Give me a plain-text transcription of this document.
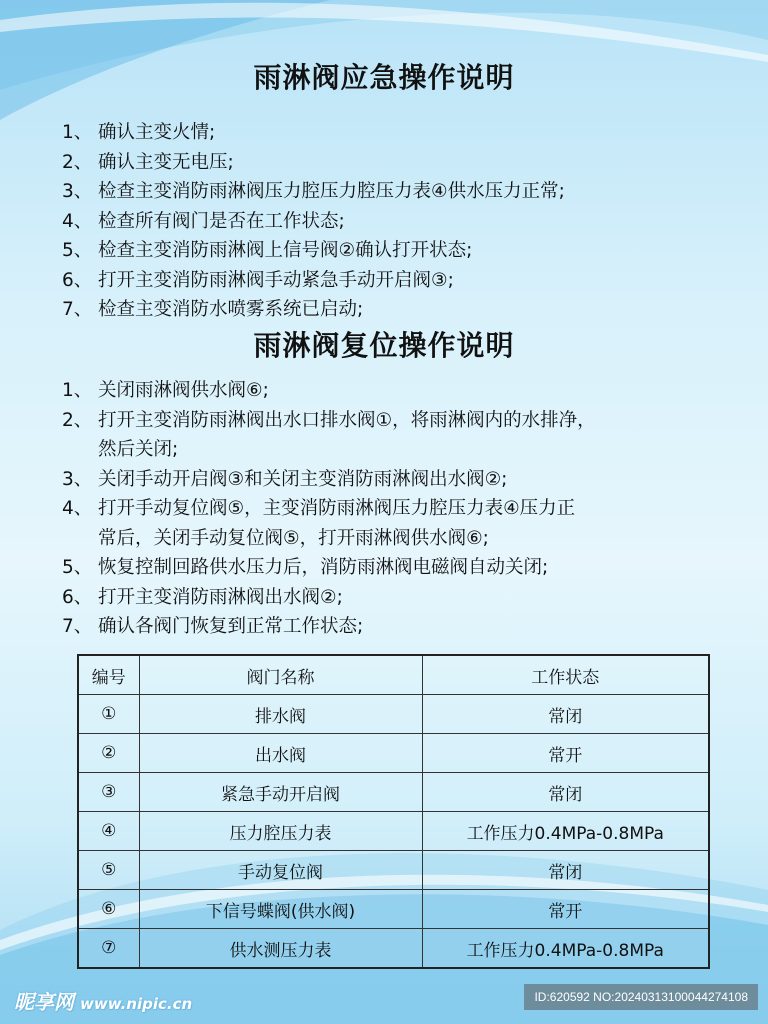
雨淋阀应急操作说明
1、 确认主变火情;
2、 确认主变无电压;
3、 检查主变消防雨淋阀压力腔压力腔压力表④供水压力正常;
4、 检查所有阀门是否在工作状态;
5、 检查主变消防雨淋阀上信号阀②确认打开状态;
6、 打开主变消防雨淋阀手动紧急手动开启阀③;
7、 检查主变消防水喷雾系统已启动;
雨淋阀复位操作说明
1、 关闭雨淋阀供水阀⑥;
2、 打开主变消防雨淋阀出水口排水阀①，将雨淋阀内的水排净，
然后关闭;
3、 关闭手动开启阀③和关闭主变消防雨淋阀出水阀②;
4、 打开手动复位阀⑤，主变消防雨淋阀压力腔压力表④压力正
常后，关闭手动复位阀⑤，打开雨淋阀供水阀⑥;
5、 恢复控制回路供水压力后，消防雨淋阀电磁阀自动关闭;
6、 打开主变消防雨淋阀出水阀②;
7、 确认各阀门恢复到正常工作状态;
编号	阀门名称	工作状态
①	排水阀	常闭
②	出水阀	常开
③	紧急手动开启阀	常闭
④	压力腔压力表	工作压力0.4MPa-0.8MPa
⑤	手动复位阀	常闭
⑥	下信号蝶阀(供水阀)	常开
⑦	供水测压力表	工作压力0.4MPa-0.8MPa
昵享网 www.nipic.cn	ID:620592 NO:20240313100044274108
